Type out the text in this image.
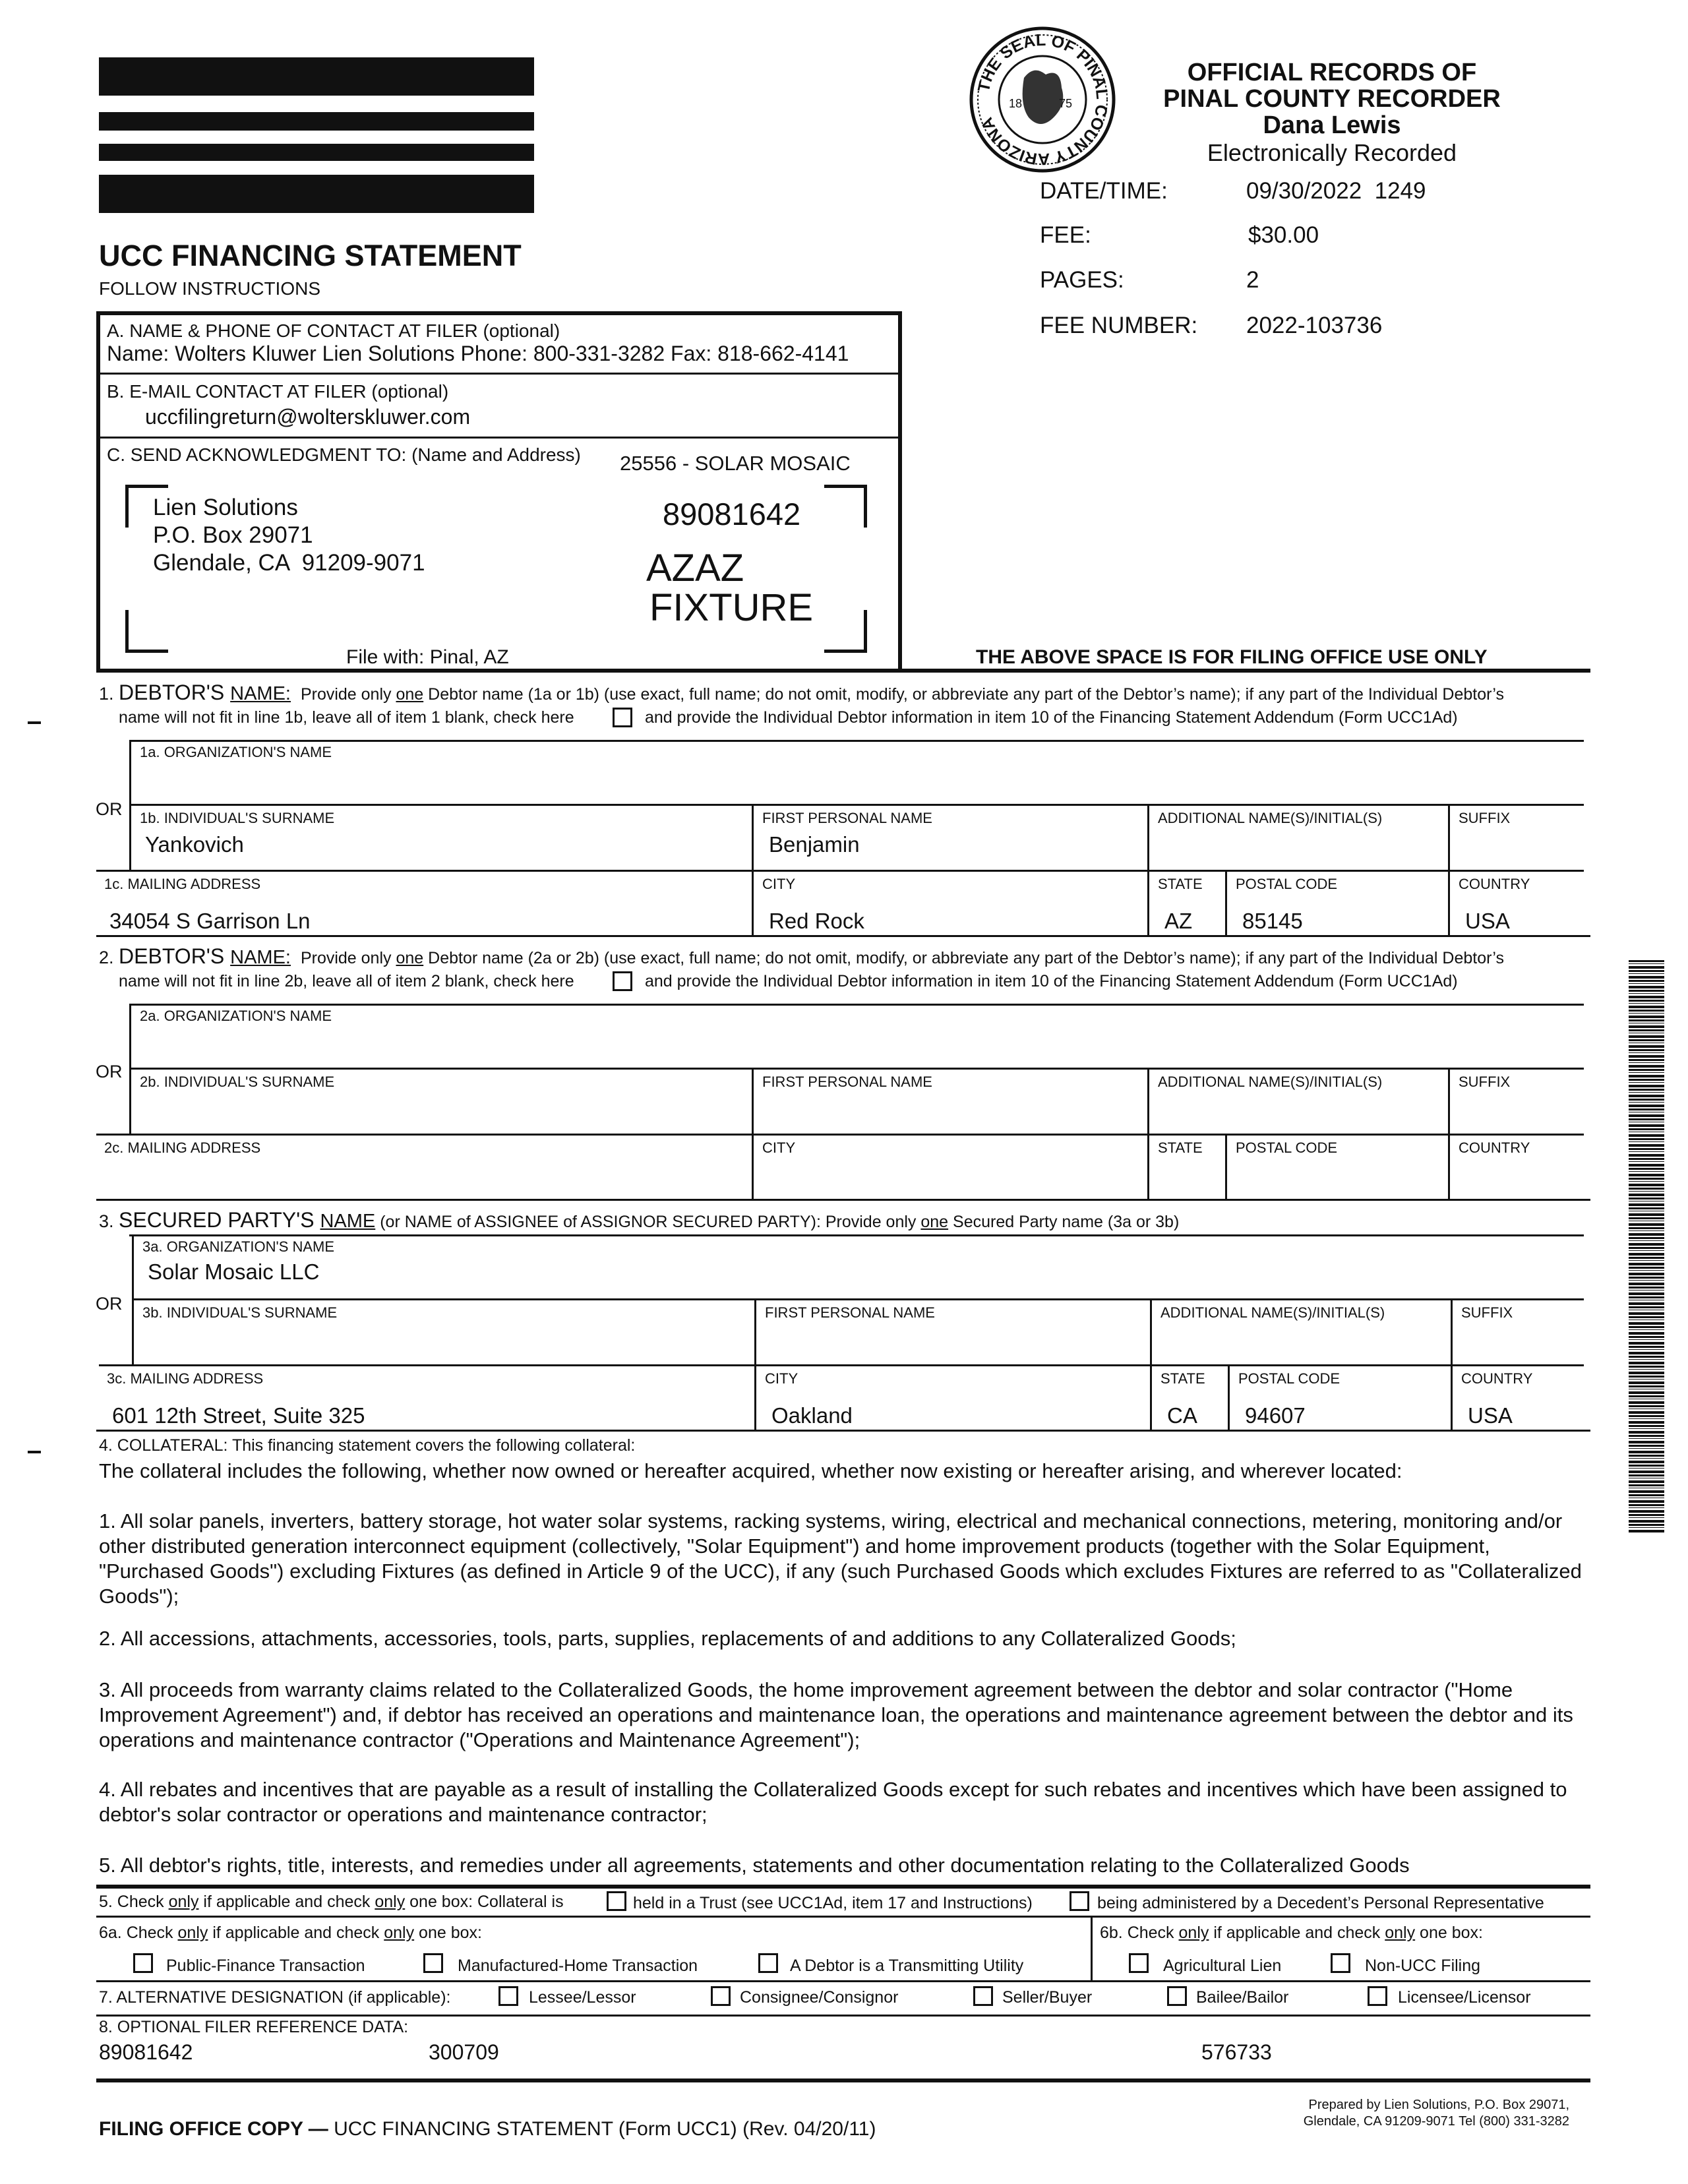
UCC FINANCING STATEMENT
FOLLOW INSTRUCTIONS
THE SEAL OF PINAL COUNTY ARIZONA
18	75
OFFICIAL RECORDS OF
PINAL COUNTY RECORDER
Dana Lewis
Electronically Recorded
DATE/TIME:	09/30/2022  1249
FEE:	$30.00
PAGES:	2
FEE NUMBER: 2022-103736
A. NAME & PHONE OF CONTACT AT FILER (optional)
Name: Wolters Kluwer Lien Solutions Phone: 800-331-3282 Fax: 818-662-4141
B. E-MAIL CONTACT AT FILER (optional)
uccfilingreturn@wolterskluwer.com
C. SEND ACKNOWLEDGMENT TO: (Name and Address) 25556 - SOLAR MOSAIC
Lien Solutions
P.O. Box 29071
Glendale, CA  91209-9071
89081642
AZAZ
FIXTURE
File with: Pinal, AZ	THE ABOVE SPACE IS FOR FILING OFFICE USE ONLY
1. DEBTOR'S NAME: Provide only one Debtor name (1a or 1b) (use exact, full name; do not omit, modify, or abbreviate any part of the Debtor’s name); if any part of the Individual Debtor’s
name will not fit in line 1b, leave all of item 1 blank, check here	and provide the Individual Debtor information in item 10 of the Financing Statement Addendum (Form UCC1Ad)
1a. ORGANIZATION'S NAME
OR 1b. INDIVIDUAL'S SURNAME
Yankovich
FIRST PERSONAL NAME
Benjamin
ADDITIONAL NAME(S)/INITIAL(S)	SUFFIX
1c. MAILING ADDRESS
34054 S Garrison Ln
CITY
Red Rock
STATE
AZ
POSTAL CODE
85145
COUNTRY
USA
2. DEBTOR'S NAME: Provide only one Debtor name (2a or 2b) (use exact, full name; do not omit, modify, or abbreviate any part of the Debtor’s name); if any part of the Individual Debtor’s
name will not fit in line 2b, leave all of item 2 blank, check here	and provide the Individual Debtor information in item 10 of the Financing Statement Addendum (Form UCC1Ad)
2a. ORGANIZATION'S NAME
OR
2b. INDIVIDUAL'S SURNAME	FIRST PERSONAL NAME	ADDITIONAL NAME(S)/INITIAL(S)	SUFFIX
2c. MAILING ADDRESS	CITY	STATE POSTAL CODE	COUNTRY
3. SECURED PARTY'S NAME (or NAME of ASSIGNEE of ASSIGNOR SECURED PARTY): Provide only one Secured Party name (3a or 3b)
3a. ORGANIZATION'S NAME
Solar Mosaic LLC
OR 3b. INDIVIDUAL'S SURNAME	FIRST PERSONAL NAME	ADDITIONAL NAME(S)/INITIAL(S)	SUFFIX
3c. MAILING ADDRESS
601 12th Street, Suite 325
CITY
Oakland
STATE
CA
POSTAL CODE
94607
COUNTRY
USA
4. COLLATERAL: This financing statement covers the following collateral:
The collateral includes the following, whether now owned or hereafter acquired, whether now existing or hereafter arising, and wherever located:
1. All solar panels, inverters, battery storage, hot water solar systems, racking systems, wiring, electrical and mechanical connections, metering, monitoring and/or other distributed generation interconnect equipment (collectively, "Solar Equipment") and home improvement products (together with the Solar Equipment, "Purchased Goods") excluding Fixtures (as defined in Article 9 of the UCC), if any (such Purchased Goods which excludes Fixtures are referred to as "Collateralized Goods");
2. All accessions, attachments, accessories, tools, parts, supplies, replacements of and additions to any Collateralized Goods;
3. All proceeds from warranty claims related to the Collateralized Goods, the home improvement agreement between the debtor and solar contractor ("Home Improvement Agreement") and, if debtor has received an operations and maintenance loan, the operations and maintenance agreement between the debtor and its operations and maintenance contractor ("Operations and Maintenance Agreement");
4. All rebates and incentives that are payable as a result of installing the Collateralized Goods except for such rebates and incentives which have been assigned to debtor's solar contractor or operations and maintenance contractor;
5. All debtor's rights, title, interests, and remedies under all agreements, statements and other documentation relating to the Collateralized Goods
5. Check only if applicable and check only one box: Collateral is	held in a Trust (see UCC1Ad, item 17 and Instructions)	being administered by a Decedent’s Personal Representative
6a. Check only if applicable and check only one box:	6b. Check only if applicable and check only one box:
Public-Finance Transaction	Manufactured-Home Transaction	A Debtor is a Transmitting Utility	Agricultural Lien	Non-UCC Filing
7. ALTERNATIVE DESIGNATION (if applicable):	Lessee/Lessor	Consignee/Consignor	Seller/Buyer	Bailee/Bailor	Licensee/Licensor
8. OPTIONAL FILER REFERENCE DATA:
89081642	300709	576733
FILING OFFICE COPY — UCC FINANCING STATEMENT (Form UCC1) (Rev. 04/20/11)
Prepared by Lien Solutions, P.O. Box 29071,
Glendale, CA 91209-9071 Tel (800) 331-3282
